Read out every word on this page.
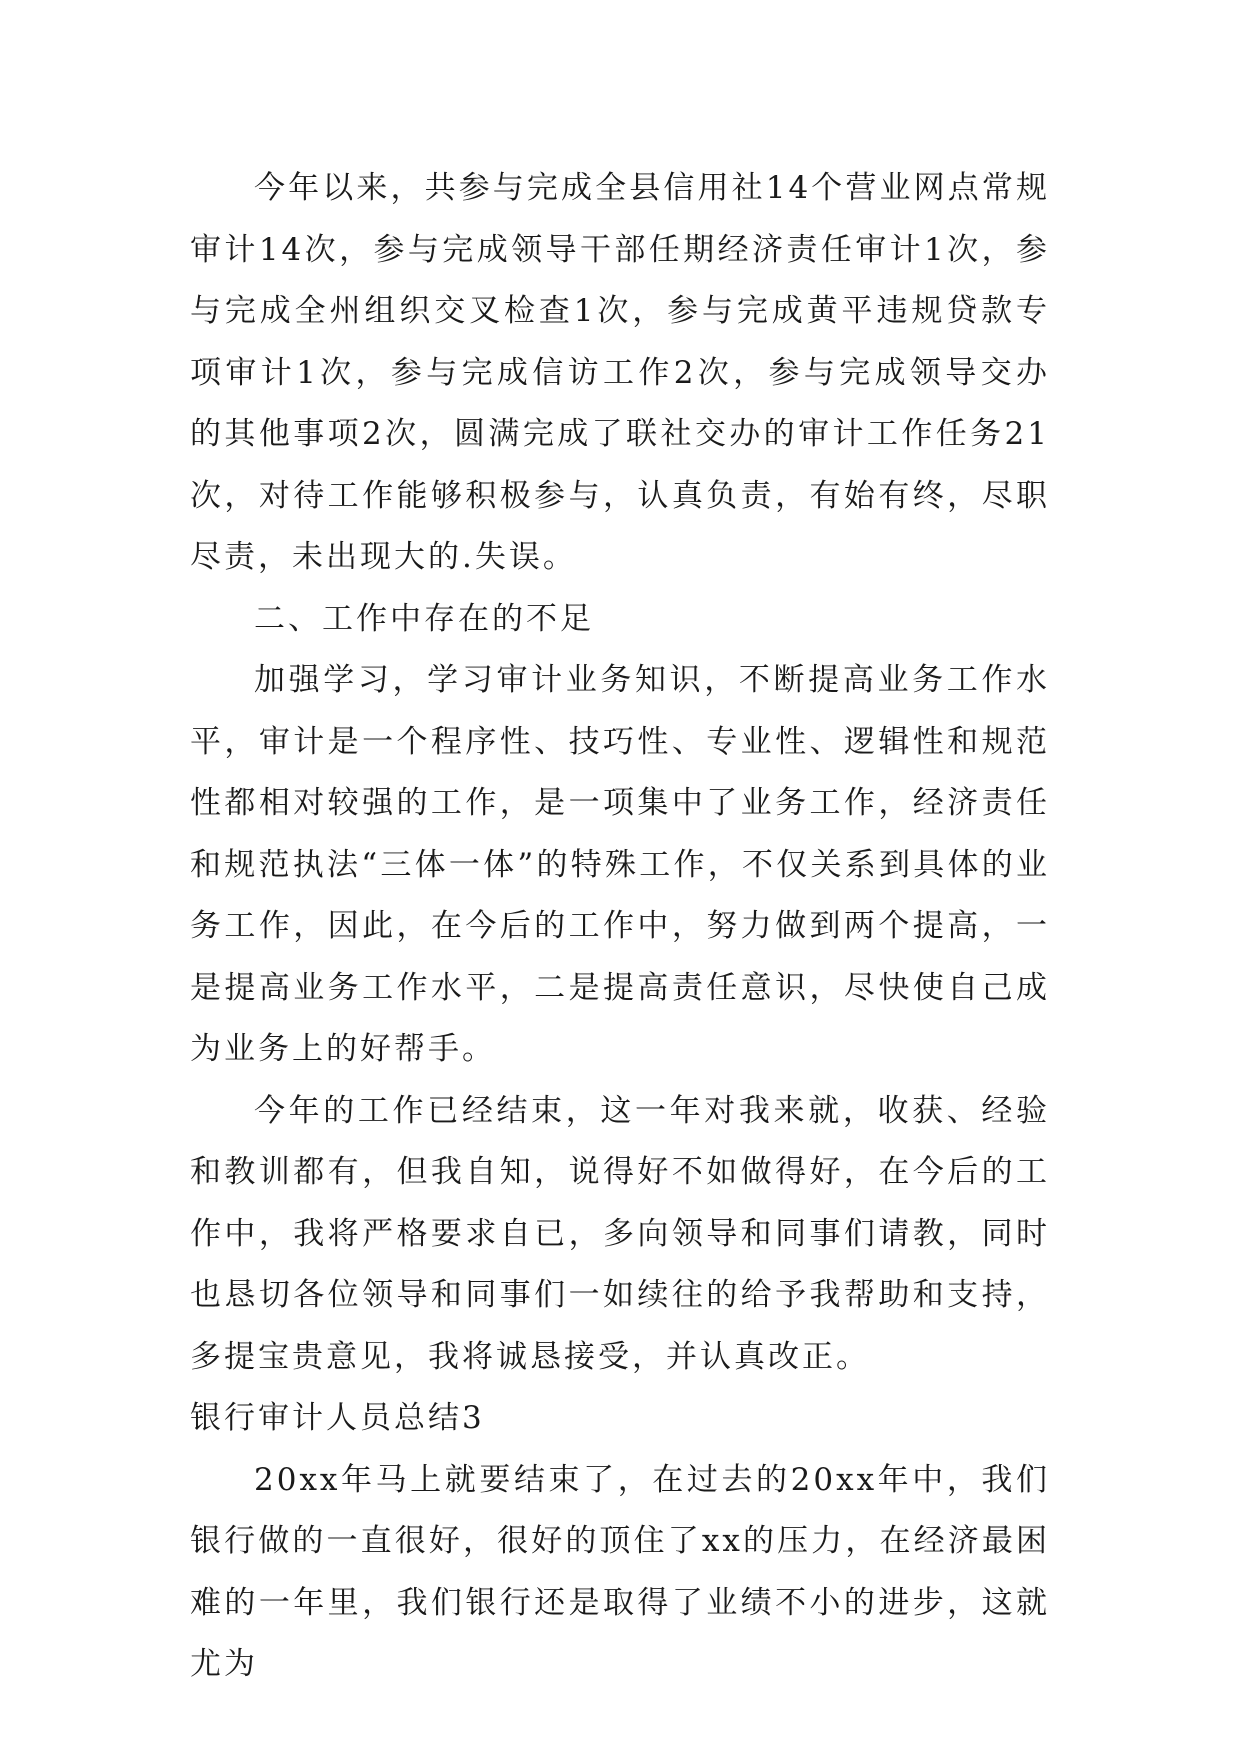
今年以来，共参与完成全县信用社14个营业网点常规审计14次，参与完成领导干部任期经济责任审计1次，参与完成全州组织交叉检查1次，参与完成黄平违规贷款专项审计1次，参与完成信访工作2次，参与完成领导交办的其他事项2次，圆满完成了联社交办的审计工作任务21次，对待工作能够积极参与，认真负责，有始有终，尽职尽责，未出现大的.失误。

二、工作中存在的不足

加强学习，学习审计业务知识，不断提高业务工作水平，审计是一个程序性、技巧性、专业性、逻辑性和规范性都相对较强的工作，是一项集中了业务工作，经济责任和规范执法“三体一体”的特殊工作，不仅关系到具体的业务工作，因此，在今后的工作中，努力做到两个提高，一是提高业务工作水平，二是提高责任意识，尽快使自己成为业务上的好帮手。

今年的工作已经结束，这一年对我来就，收获、经验和教训都有，但我自知，说得好不如做得好，在今后的工作中，我将严格要求自已，多向领导和同事们请教，同时也恳切各位领导和同事们一如续往的给予我帮助和支持，多提宝贵意见，我将诚恳接受，并认真改正。

银行审计人员总结3

20xx年马上就要结束了，在过去的20xx年中，我们银行做的一直很好，很好的顶住了xx的压力，在经济最困难的一年里，我们银行还是取得了业绩不小的进步，这就尤为
